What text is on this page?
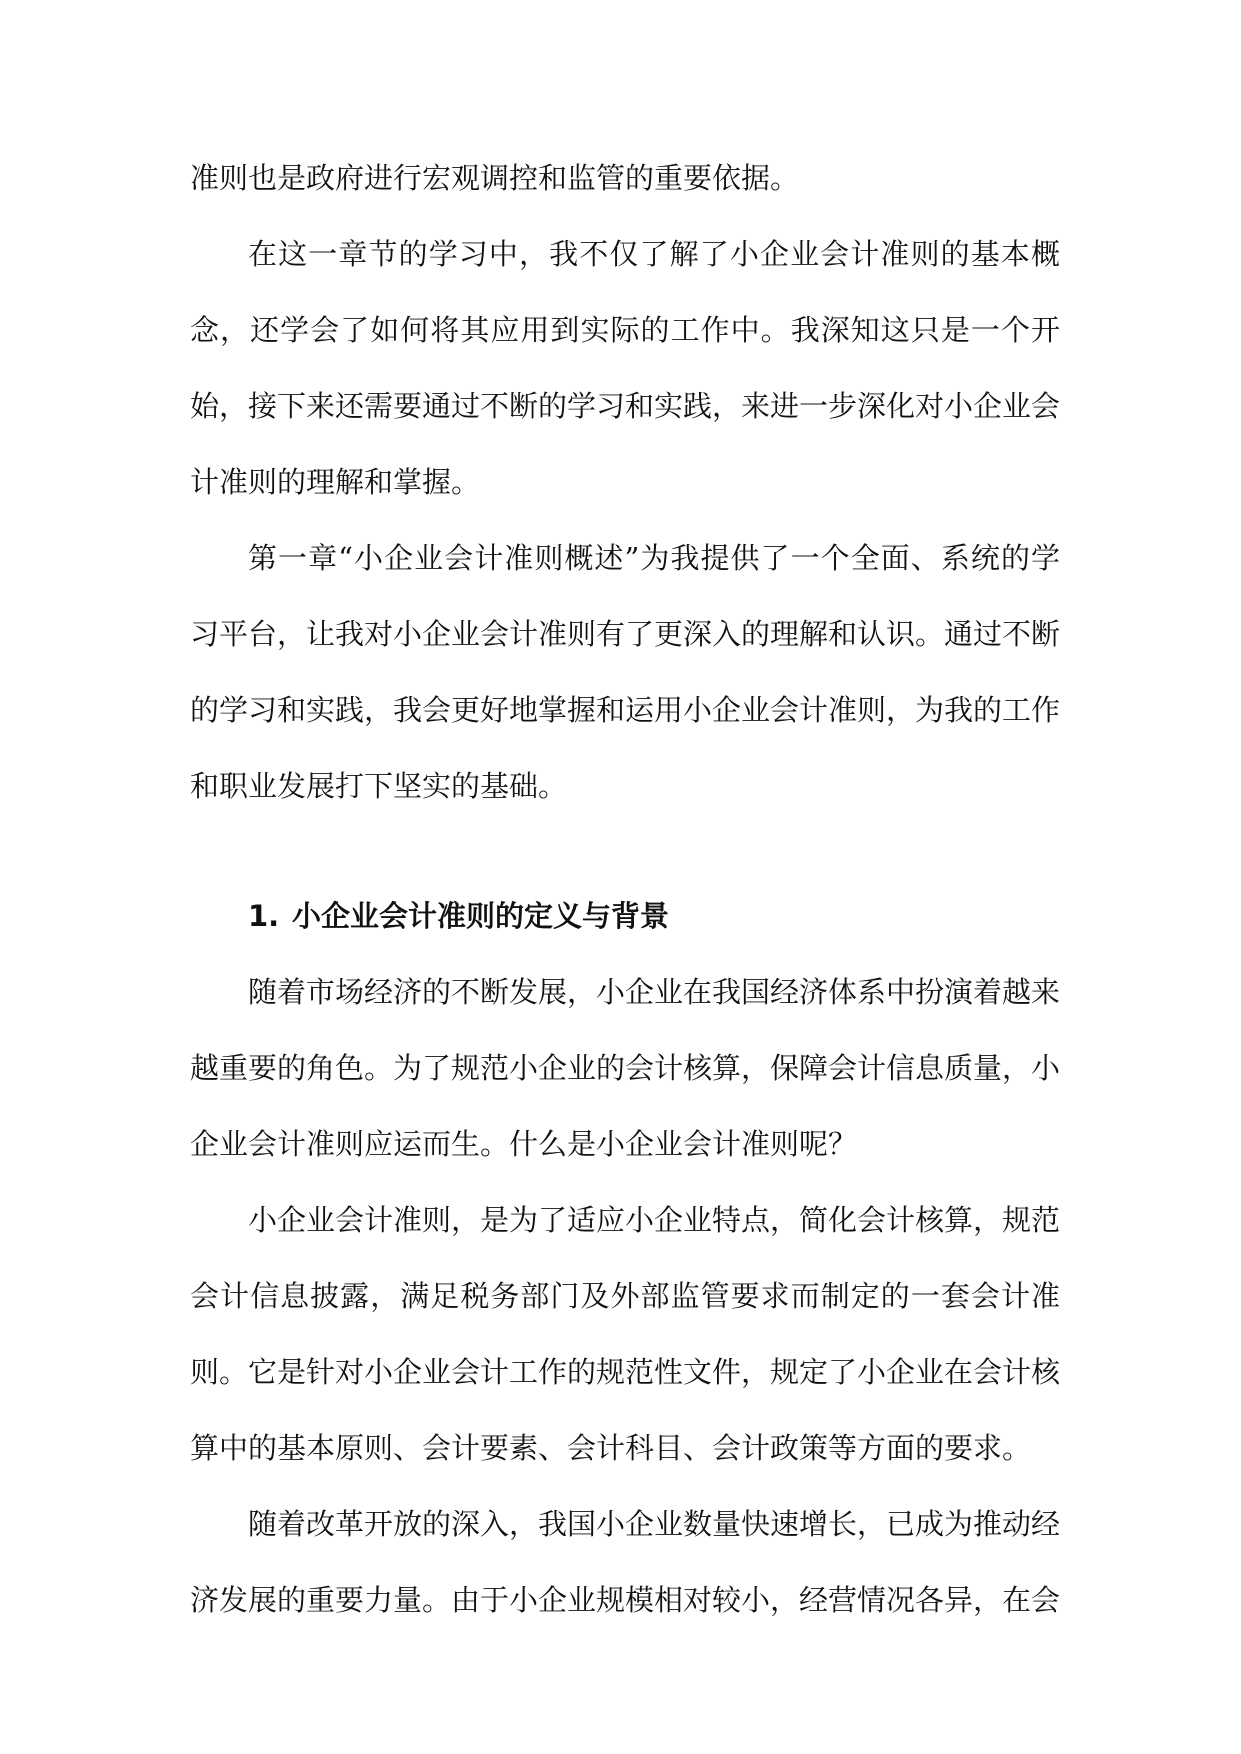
准则也是政府进行宏观调控和监管的重要依据。

在这一章节的学习中，我不仅了解了小企业会计准则的基本概念，还学会了如何将其应用到实际的工作中。我深知这只是一个开始，接下来还需要通过不断的学习和实践，来进一步深化对小企业会计准则的理解和掌握。

第一章“小企业会计准则概述”为我提供了一个全面、系统的学习平台，让我对小企业会计准则有了更深入的理解和认识。通过不断的学习和实践，我会更好地掌握和运用小企业会计准则，为我的工作和职业发展打下坚实的基础。

1. 小企业会计准则的定义与背景

随着市场经济的不断发展，小企业在我国经济体系中扮演着越来越重要的角色。为了规范小企业的会计核算，保障会计信息质量，小企业会计准则应运而生。什么是小企业会计准则呢？

小企业会计准则，是为了适应小企业特点，简化会计核算，规范会计信息披露，满足税务部门及外部监管要求而制定的一套会计准则。它是针对小企业会计工作的规范性文件，规定了小企业在会计核算中的基本原则、会计要素、会计科目、会计政策等方面的要求。

随着改革开放的深入，我国小企业数量快速增长，已成为推动经济发展的重要力量。由于小企业规模相对较小，经营情况各异，在会
